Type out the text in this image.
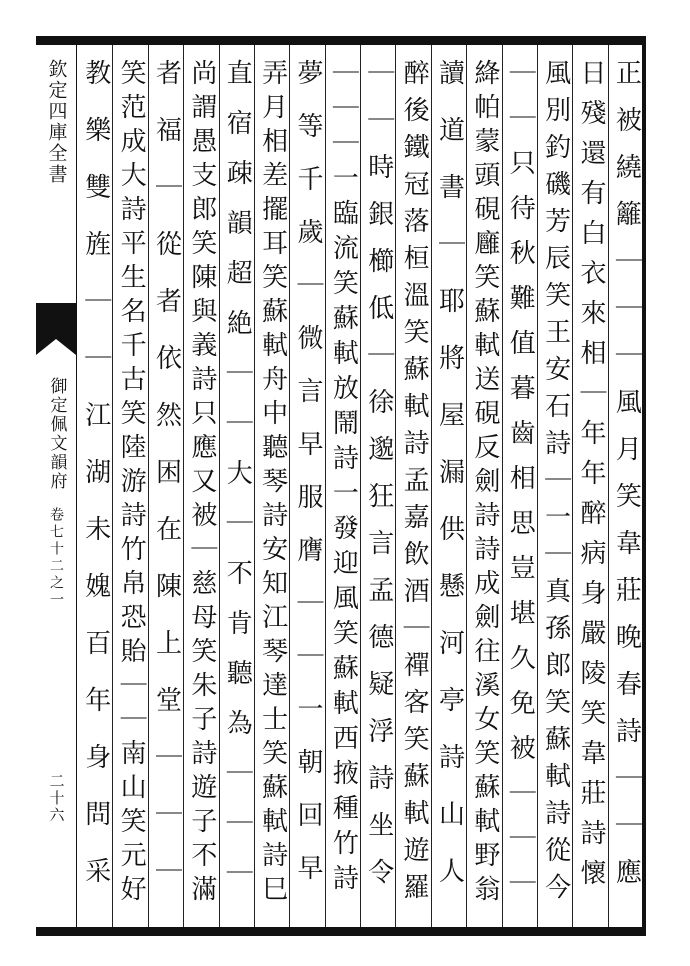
欽定四庫全書
御定佩文韻府
卷七十二之一
二十六	正被繞籬｜｜｜風月笑韋莊晚春詩｜｜應
日殘還有白衣來相｜年年醉病身嚴陵笑韋莊詩懷
風別釣磯芳辰笑王安石詩｜一｜真孫郎笑蘇軾詩從今
｜｜只待秋難值暮齒相思豈堪久免被｜｜｜
絳帕蒙頭硯廱笑蘇軾送硯反劍詩詩成劍往溪女笑蘇軾野翁
讀道書｜耶將屋漏供懸河亭詩山人
醉後鐵冠落桓溫笑蘇軾詩孟嘉飲酒｜禪客笑蘇軾遊羅
｜｜時銀櫛低｜徐邈狂言孟德疑浮詩坐令
｜｜｜一臨流笑蘇軾放鬧詩一發迎風笑蘇軾西掖種竹詩
夢等千歲｜微言早服膺｜｜一朝回早
弄月相差擺耳笑蘇軾舟中聽琴詩安知江琴達士笑蘇軾詩巳
直宿疎韻超絶｜｜大｜不肯聽為｜｜｜
尚謂愚支郎笑陳與義詩只應又被｜慈母笑朱子詩遊子不滿
者福｜從者依然困在陳上堂｜｜｜
笑范成大詩平生名千古笑陸游詩竹帛恐貽｜｜南山笑元好
教樂雙旌｜｜江湖未媿百年身問采
